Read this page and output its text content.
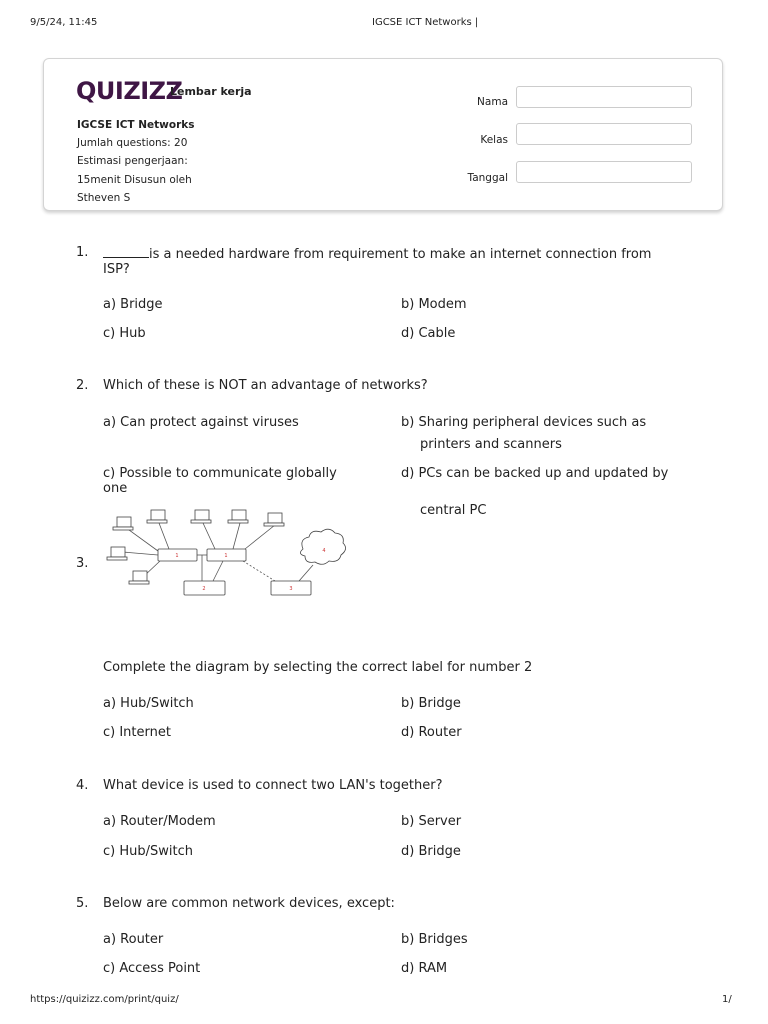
9/5/24, 11:45	IGCSE ICT Networks |
https://quizizz.com/print/quiz/	1/
QUIZIZZ
Lembar kerja
IGCSE ICT Networks
Jumlah questions: 20
Estimasi pengerjaan:
15menit Disusun oleh
Stheven S
Nama
Kelas
Tanggal
1.	is a needed hardware from requirement to make an internet connection from
ISP?
a) Bridge	b) Modem
c) Hub	d) Cable
2. Which of these is NOT an advantage of networks?
a) Can protect against viruses	b) Sharing peripheral devices such as
printers and scanners
c) Possible to communicate globally
one
d) PCs can be backed up and updated by
central PC
3.	1	1
2	3
4
Complete the diagram by selecting the correct label for number 2
a) Hub/Switch	b) Bridge
c) Internet	d) Router
4. What device is used to connect two LAN's together?
a) Router/Modem	b) Server
c) Hub/Switch	d) Bridge
5. Below are common network devices, except:
a) Router	b) Bridges
c) Access Point	d) RAM
